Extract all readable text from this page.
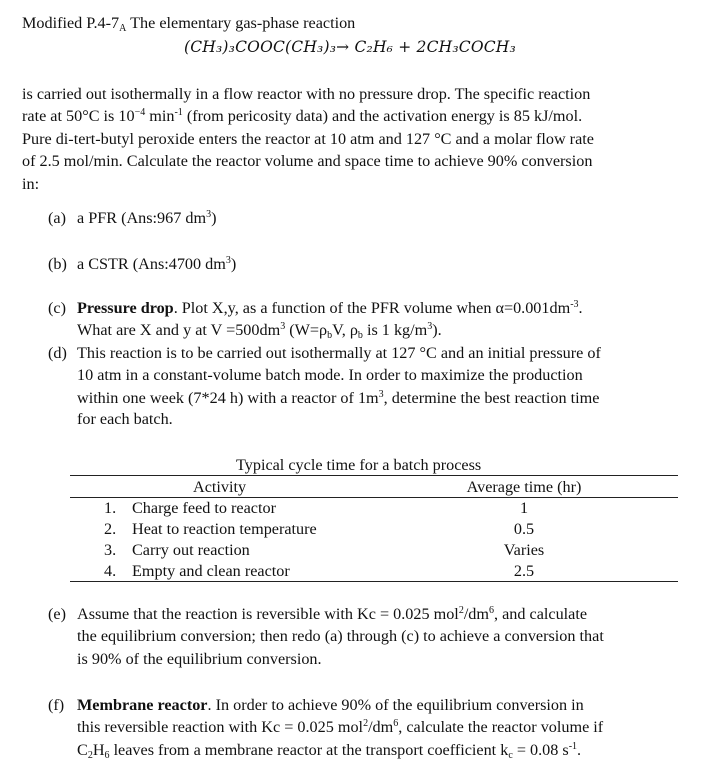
Modified $P.4-7_A$ The elementary gas-phase reaction
(CH₃)₃COOC(CH₃)₃→ C₂H₆ + 2CH₃COCH₃
is carried out isothermally in a flow reactor with no pressure drop. The specific reaction
rate at 50°C is $10^{-4}$ $\min^{-1}$ (from pericosity data) and the activation energy is 85 kJ/mol.
Pure di-tert-butyl peroxide enters the reactor at 10 atm and 127 °C and a molar flow rate
of 2.5 mol/min. Calculate the reactor volume and space time to achieve 90% conversion
in:
(a) a PFR (Ans:967 $dm^3$)
(b) a CSTR (Ans:4700 $dm^3$)
(c) Pressure drop. Plot X,y, as a function of the PFR volume when $\alpha=0.001dm^{-3}$.
What are X and y at $V =500dm^3$ ($W=\rho_bV$, $\rho_b$ is 1 $kg/m^3$).
(d) This reaction is to be carried out isothermally at 127 °C and an initial pressure of
10 atm in a constant-volume batch mode. In order to maximize the production
within one week (7*24 h) with a reactor of $1m^3$, determine the best reaction time
for each batch.
Typical cycle time for a batch process
Activity	Average time (hr)
1. Charge feed to reactor	1
2. Heat to reaction temperature	0.5
3. Carry out reaction	Varies
4. Empty and clean reactor	2.5
(e) Assume that the reaction is reversible with Kc = 0.025 $mol^2/dm^6$, and calculate
the equilibrium conversion; then redo (a) through (c) to achieve a conversion that
is 90% of the equilibrium conversion.
(f) Membrane reactor. In order to achieve 90% of the equilibrium conversion in
this reversible reaction with Kc = 0.025 $mol^2/dm^6$, calculate the reactor volume if
$C_2H_6$ leaves from a membrane reactor at the transport coefficient $k_c = 0.08$ $s^{-1}$.
